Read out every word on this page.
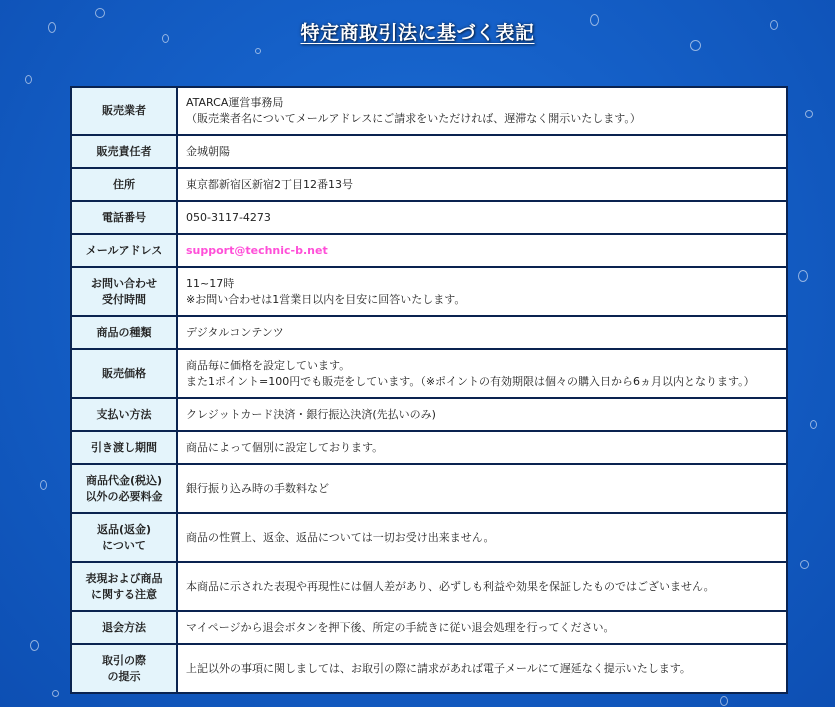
特定商取引法に基づく表記
販売業者	ATARCA運営事務局
（販売業者名についてメールアドレスにご請求をいただければ、遅滞なく開示いたします。）

販売責任者	金城朝陽

住所	東京都新宿区新宿2丁目12番13号

電話番号	050-3117-4273

メールアドレス	support@technic-b.net

お問い合わせ
受付時間	11~17時
※お問い合わせは1営業日以内を目安に回答いたします。

商品の種類	デジタルコンテンツ

販売価格	商品毎に価格を設定しています。
また1ポイント=100円でも販売をしています。（※ポイントの有効期限は個々の購入日から6ヵ月以内となります。）

支払い方法	クレジットカード決済・銀行振込決済(先払いのみ)

引き渡し期間	商品によって個別に設定しております。

商品代金(税込)
以外の必要料金	銀行振り込み時の手数料など

返品(返金)
について	商品の性質上、返金、返品については一切お受け出来ません。

表現および商品
に関する注意	本商品に示された表現や再現性には個人差があり、必ずしも利益や効果を保証したものではございません。

退会方法	マイページから退会ボタンを押下後、所定の手続きに従い退会処理を行ってください。

取引の際
の提示	上記以外の事項に関しましては、お取引の際に請求があれば電子メールにて遅延なく提示いたします。
